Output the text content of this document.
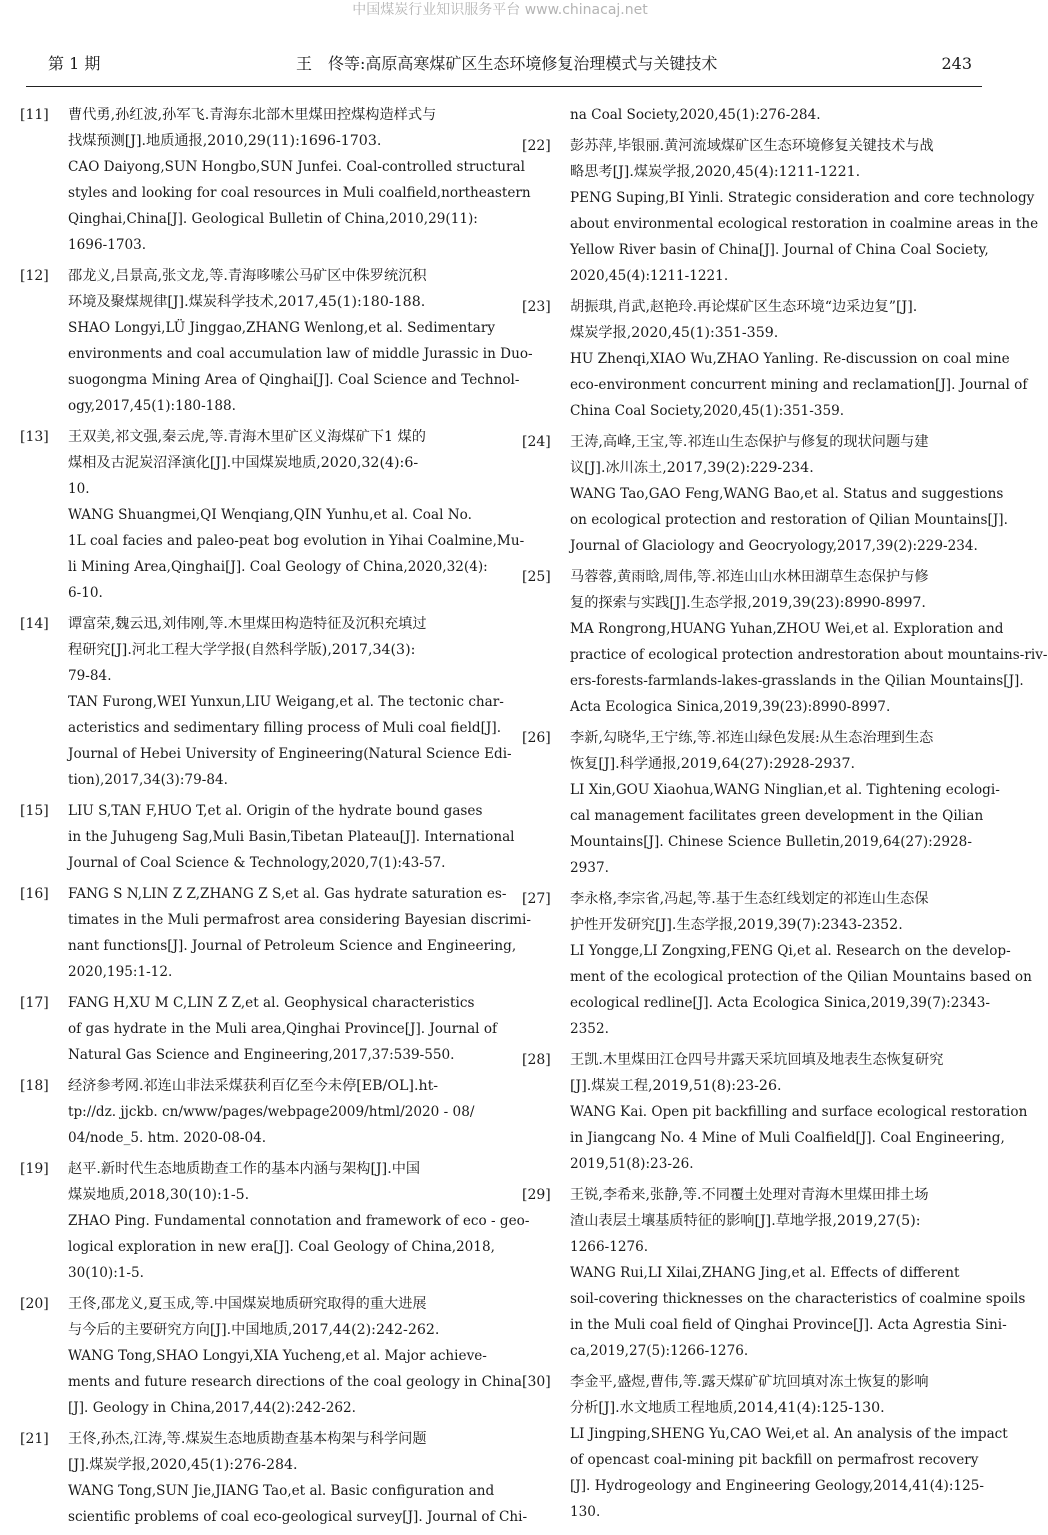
中国煤炭行业知识服务平台 www.chinacaj.net
第 1 期	王　佟等:高原高寒煤矿区生态环境修复治理模式与关键技术	243
[11]	曹代勇,孙红波,孙军飞.青海东北部木里煤田控煤构造样式与
找煤预测[J].地质通报,2010,29(11):1696-1703.
CAO Daiyong,SUN Hongbo,SUN Junfei. Coal-controlled structural
styles and looking for coal resources in Muli coalfield,northeastern
Qinghai,China[J]. Geological Bulletin of China,2010,29(11):
1696-1703.
[12]	邵龙义,吕景高,张文龙,等.青海哆嗦公马矿区中侏罗统沉积
环境及聚煤规律[J].煤炭科学技术,2017,45(1):180-188.
SHAO Longyi,LÜ Jinggao,ZHANG Wenlong,et al. Sedimentary
environments and coal accumulation law of middle Jurassic in Duo-
suogongma Mining Area of Qinghai[J]. Coal Science and Technol-
ogy,2017,45(1):180-188.
[13]	王双美,祁文强,秦云虎,等.青海木里矿区义海煤矿下1 煤的
煤相及古泥炭沼泽演化[J].中国煤炭地质,2020,32(4):6-
10.
WANG Shuangmei,QI Wenqiang,QIN Yunhu,et al. Coal No.
1L coal facies and paleo-peat bog evolution in Yihai Coalmine,Mu-
li Mining Area,Qinghai[J]. Coal Geology of China,2020,32(4):
6-10.
[14]	谭富荣,魏云迅,刘伟刚,等.木里煤田构造特征及沉积充填过
程研究[J].河北工程大学学报(自然科学版),2017,34(3):
79-84.
TAN Furong,WEI Yunxun,LIU Weigang,et al. The tectonic char-
acteristics and sedimentary filling process of Muli coal field[J].
Journal of Hebei University of Engineering(Natural Science Edi-
tion),2017,34(3):79-84.
[15]	LIU S,TAN F,HUO T,et al. Origin of the hydrate bound gases
in the Juhugeng Sag,Muli Basin,Tibetan Plateau[J]. International
Journal of Coal Science & Technology,2020,7(1):43-57.
[16]	FANG S N,LIN Z Z,ZHANG Z S,et al. Gas hydrate saturation es-
timates in the Muli permafrost area considering Bayesian discrimi-
nant functions[J]. Journal of Petroleum Science and Engineering,
2020,195:1-12.
[17]	FANG H,XU M C,LIN Z Z,et al. Geophysical characteristics
of gas hydrate in the Muli area,Qinghai Province[J]. Journal of
Natural Gas Science and Engineering,2017,37:539-550.
[18]	经济参考网.祁连山非法采煤获利百亿至今未停[EB/OL].ht-
tp://dz. jjckb. cn/www/pages/webpage2009/html/2020 - 08/
04/node_5. htm. 2020-08-04.
[19]	赵平.新时代生态地质勘查工作的基本内涵与架构[J].中国
煤炭地质,2018,30(10):1-5.
ZHAO Ping. Fundamental connotation and framework of eco - geo-
logical exploration in new era[J]. Coal Geology of China,2018,
30(10):1-5.
[20]	王佟,邵龙义,夏玉成,等.中国煤炭地质研究取得的重大进展
与今后的主要研究方向[J].中国地质,2017,44(2):242-262.
WANG Tong,SHAO Longyi,XIA Yucheng,et al. Major achieve-
ments and future research directions of the coal geology in China
[J]. Geology in China,2017,44(2):242-262.
[21]	王佟,孙杰,江涛,等.煤炭生态地质勘查基本构架与科学问题
[J].煤炭学报,2020,45(1):276-284.
WANG Tong,SUN Jie,JIANG Tao,et al. Basic configuration and
scientific problems of coal eco-geological survey[J]. Journal of Chi-
na Coal Society,2020,45(1):276-284.
[22]	彭苏萍,毕银丽.黄河流域煤矿区生态环境修复关键技术与战
略思考[J].煤炭学报,2020,45(4):1211-1221.
PENG Suping,BI Yinli. Strategic consideration and core technology
about environmental ecological restoration in coalmine areas in the
Yellow River basin of China[J]. Journal of China Coal Society,
2020,45(4):1211-1221.
[23]	胡振琪,肖武,赵艳玲.再论煤矿区生态环境“边采边复”[J].
煤炭学报,2020,45(1):351-359.
HU Zhenqi,XIAO Wu,ZHAO Yanling. Re-discussion on coal mine
eco-environment concurrent mining and reclamation[J]. Journal of
China Coal Society,2020,45(1):351-359.
[24]	王涛,高峰,王宝,等.祁连山生态保护与修复的现状问题与建
议[J].冰川冻土,2017,39(2):229-234.
WANG Tao,GAO Feng,WANG Bao,et al. Status and suggestions
on ecological protection and restoration of Qilian Mountains[J].
Journal of Glaciology and Geocryology,2017,39(2):229-234.
[25]	马蓉蓉,黄雨晗,周伟,等.祁连山山水林田湖草生态保护与修
复的探索与实践[J].生态学报,2019,39(23):8990-8997.
MA Rongrong,HUANG Yuhan,ZHOU Wei,et al. Exploration and
practice of ecological protection andrestoration about mountains-riv-
ers-forests-farmlands-lakes-grasslands in the Qilian Mountains[J].
Acta Ecologica Sinica,2019,39(23):8990-8997.
[26]	李新,勾晓华,王宁练,等.祁连山绿色发展:从生态治理到生态
恢复[J].科学通报,2019,64(27):2928-2937.
LI Xin,GOU Xiaohua,WANG Ninglian,et al. Tightening ecologi-
cal management facilitates green development in the Qilian
Mountains[J]. Chinese Science Bulletin,2019,64(27):2928-
2937.
[27]	李永格,李宗省,冯起,等.基于生态红线划定的祁连山生态保
护性开发研究[J].生态学报,2019,39(7):2343-2352.
LI Yongge,LI Zongxing,FENG Qi,et al. Research on the develop-
ment of the ecological protection of the Qilian Mountains based on
ecological redline[J]. Acta Ecologica Sinica,2019,39(7):2343-
2352.
[28]	王凯.木里煤田江仓四号井露天采坑回填及地表生态恢复研究
[J].煤炭工程,2019,51(8):23-26.
WANG Kai. Open pit backfilling and surface ecological restoration
in Jiangcang No. 4 Mine of Muli Coalfield[J]. Coal Engineering,
2019,51(8):23-26.
[29]	王锐,李希来,张静,等.不同覆土处理对青海木里煤田排土场
渣山表层土壤基质特征的影响[J].草地学报,2019,27(5):
1266-1276.
WANG Rui,LI Xilai,ZHANG Jing,et al. Effects of different
soil-covering thicknesses on the characteristics of coalmine spoils
in the Muli coal field of Qinghai Province[J]. Acta Agrestia Sini-
ca,2019,27(5):1266-1276.
[30]	李金平,盛煜,曹伟,等.露天煤矿矿坑回填对冻土恢复的影响
分析[J].水文地质工程地质,2014,41(4):125-130.
LI Jingping,SHENG Yu,CAO Wei,et al. An analysis of the impact
of opencast coal-mining pit backfill on permafrost recovery
[J]. Hydrogeology and Engineering Geology,2014,41(4):125-
130.
